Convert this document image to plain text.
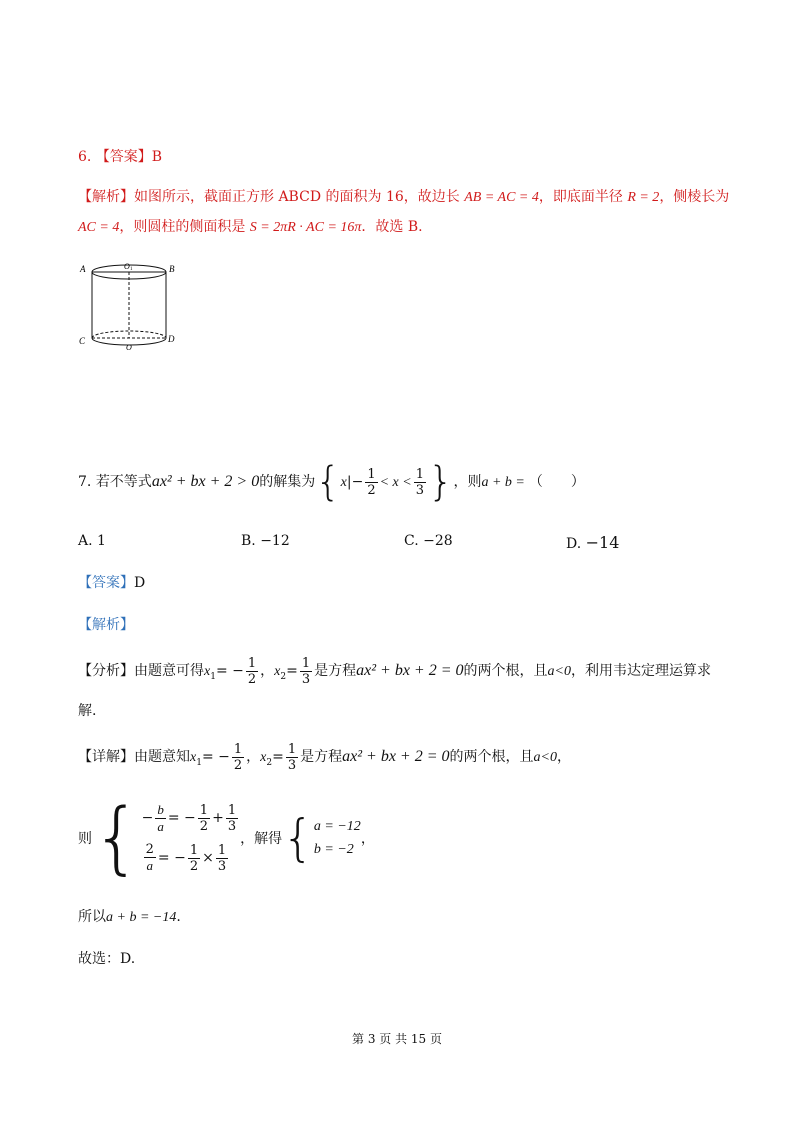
6. 【答案】B
【解析】如图所示，截面正方形 ABCD 的面积为 16，故边长 AB = AC = 4，即底面半径 R = 2，侧棱长为
AC = 4，则圆柱的侧面积是 S = 2πR · AC = 16π．故选 B.
A	B
C	D
O 1
O
7. 若不等式ax² + bx + 2 > 0的解集为{$x|- \frac{1}{2} < x < \frac{1}{3}$ }，则a + b = （　　）
A. 1	B. −12	C. −28	D. −14
【答案】D
【解析】
【分析】由题意可得$x_1= - \frac{1}{2}$ ，$x_2= \frac{1}{3}$ 是方程ax² + bx + 2 = 0的两个根，且a<0，利用韦达定理运算求
解.
【详解】由题意知$x_1= - \frac{1}{2}$ ，$x_2= \frac{1}{3}$ 是方程ax² + bx + 2 = 0的两个根，且a<0，
则{ − $\frac{b}{a}$ = − $\frac{1}{2} + \frac{1}{3}$
$\frac{2}{a}$ = − $\frac{1}{2} \times \frac{1}{3}$
，解得{ a = −12
b = −2
，
所以a + b = −14.
故选：D.
第 3 页 共 15 页
